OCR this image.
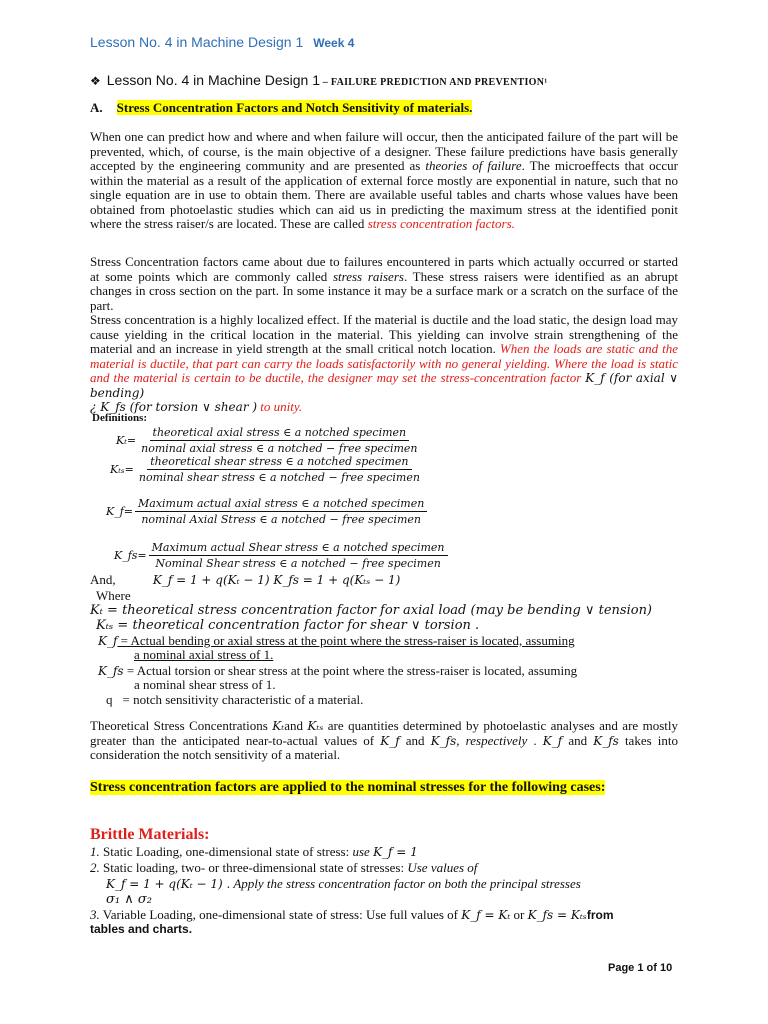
Lesson No. 4 in Machine Design 1 Week 4
❖ Lesson No. 4 in Machine Design 1 – FAILURE PREDICTION AND PREVENTION¹
A. Stress Concentration Factors and Notch Sensitivity of materials.
When one can predict how and where and when failure will occur, then the anticipated failure of the part will be prevented, which, of course, is the main objective of a designer. These failure predictions have basis generally accepted by the engineering community and are presented as theories of failure. The microeffects that occur within the material as a result of the application of external force mostly are exponential in nature, such that no single equation are in use to obtain them. There are available useful tables and charts whose values have been obtained from photoelastic studies which can aid us in predicting the maximum stress at the identified ponit where the stress raiser/s are located. These are called stress concentration factors.
Stress Concentration factors came about due to failures encountered in parts which actually occurred or started at some points which are commonly called stress raisers. These stress raisers were identified as an abrupt changes in cross section on the part. In some instance it may be a surface mark or a scratch on the surface of the part.
Stress concentration is a highly localized effect. If the material is ductile and the load static, the design load may cause yielding in the critical location in the material. This yielding can involve strain strengthening of the material and an increase in yield strength at the small critical notch location. When the loads are static and the material is ductile, that part can carry the loads satisfactorily with no general yielding. Where the load is static and the material is certain to be ductile, the designer may set the stress-concentration factor K_f (for axial ∨ bending)
¿ K_fs (for torsion ∨ shear ) to unity.
Definitions:
$K_t= \frac{\text{theoretical axial stress ∈ a notched specimen}}{\text{nominal axial stress ∈ a notched − free specimen}}$
$K_{ts}= \frac{\text{theoretical shear stress ∈ a notched specimen}}{\text{nominal shear stress ∈ a notched − free specimen}}$
K_f= $\frac{\text{Maximum actual axial stress ∈ a notched specimen}}{\text{nominal Axial Stress ∈ a notched − free specimen}}$
K_fs= $\frac{\text{Maximum actual Shear stress ∈ a notched specimen}}{\text{Nominal Shear stress ∈ a notched − free specimen}}$
And,	K_f = 1 + q(Kₜ − 1) K_fs = 1 + q(Kₜₛ − 1)
Where
Kₜ = theoretical stress concentration factor for axial load (may be bending ∨ tension)
Kₜₛ = theoretical concentration factor for shear ∨ torsion .
K_f = Actual bending or axial stress at the point where the stress-raiser is located, assuming
a nominal axial stress of 1.
K_fs = Actual torsion or shear stress at the point where the stress-raiser is located, assuming
a nominal shear stress of 1.
q = notch sensitivity characteristic of a material.
Theoretical Stress Concentrations Kₜand Kₜₛ are quantities determined by photoelastic analyses and are mostly greater than the anticipated near-to-actual values of K_f and K_fs, respectively . K_f and K_fs takes into consideration the notch sensitivity of a material.
Stress concentration factors are applied to the nominal stresses for the following cases:
Brittle Materials:
1. Static Loading, one-dimensional state of stress: use K_f = 1
2. Static loading, two- or three-dimensional state of stresses: Use values of
K_f = 1 + q(Kₜ − 1) . Apply the stress concentration factor on both the principal stresses
σ₁ ∧ σ₂
3. Variable Loading, one-dimensional state of stress: Use full values of K_f = Kₜ or K_fs = Kₜₛfrom
tables and charts.
Page 1 of 10
